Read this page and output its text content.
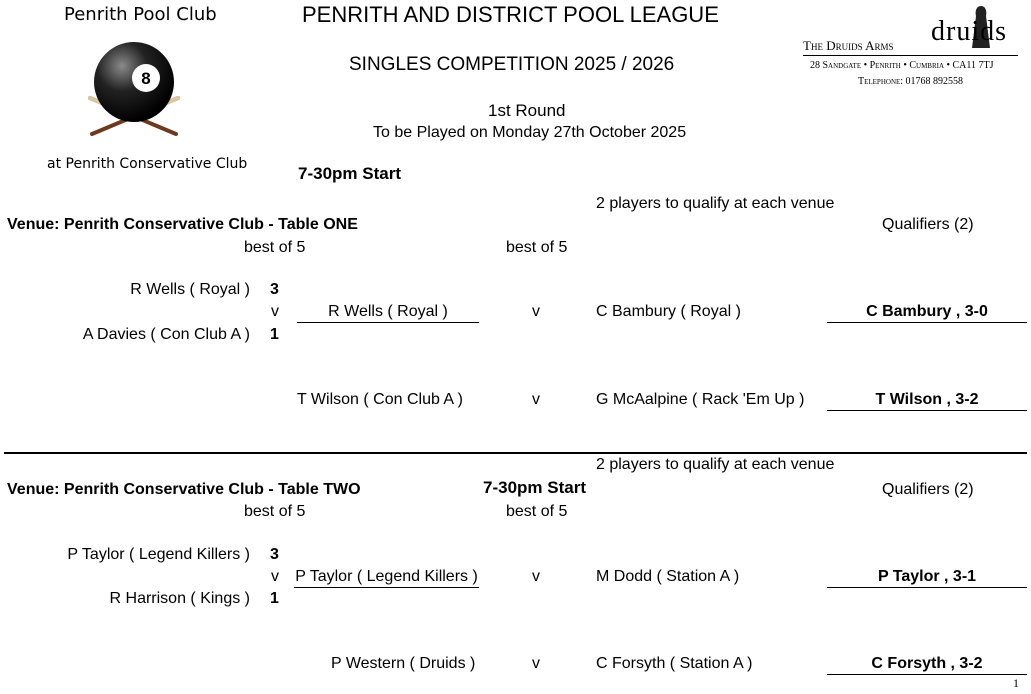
Penrith Pool Club
8
at Penrith Conservative Club
PENRITH AND DISTRICT POOL LEAGUE
SINGLES COMPETITION 2025 / 2026
1st Round
To be Played on Monday 27th October 2025
7-30pm Start
druids
The Druids Arms
28 Sandgate • Penrith • Cumbria • CA11 7TJ
Telephone: 01768 892558
2 players to qualify at each venue
Venue: Penrith Conservative Club - Table ONE	Qualifiers (2)
best of 5	best of 5
R Wells ( Royal ) 3
v
A Davies ( Con Club A ) 1
R Wells ( Royal )	v	C Bambury ( Royal )	C Bambury , 3-0
T Wilson ( Con Club A )	v	G McAalpine ( Rack 'Em Up )	T Wilson , 3-2
2 players to qualify at each venue
7-30pm Start
Venue: Penrith Conservative Club - Table TWO	Qualifiers (2)
best of 5	best of 5
P Taylor ( Legend Killers ) 3
v
R Harrison ( Kings ) 1
P Taylor ( Legend Killers )	v	M Dodd ( Station A )	P Taylor , 3-1
P Western ( Druids )	v	C Forsyth ( Station A )	C Forsyth , 3-2
1
